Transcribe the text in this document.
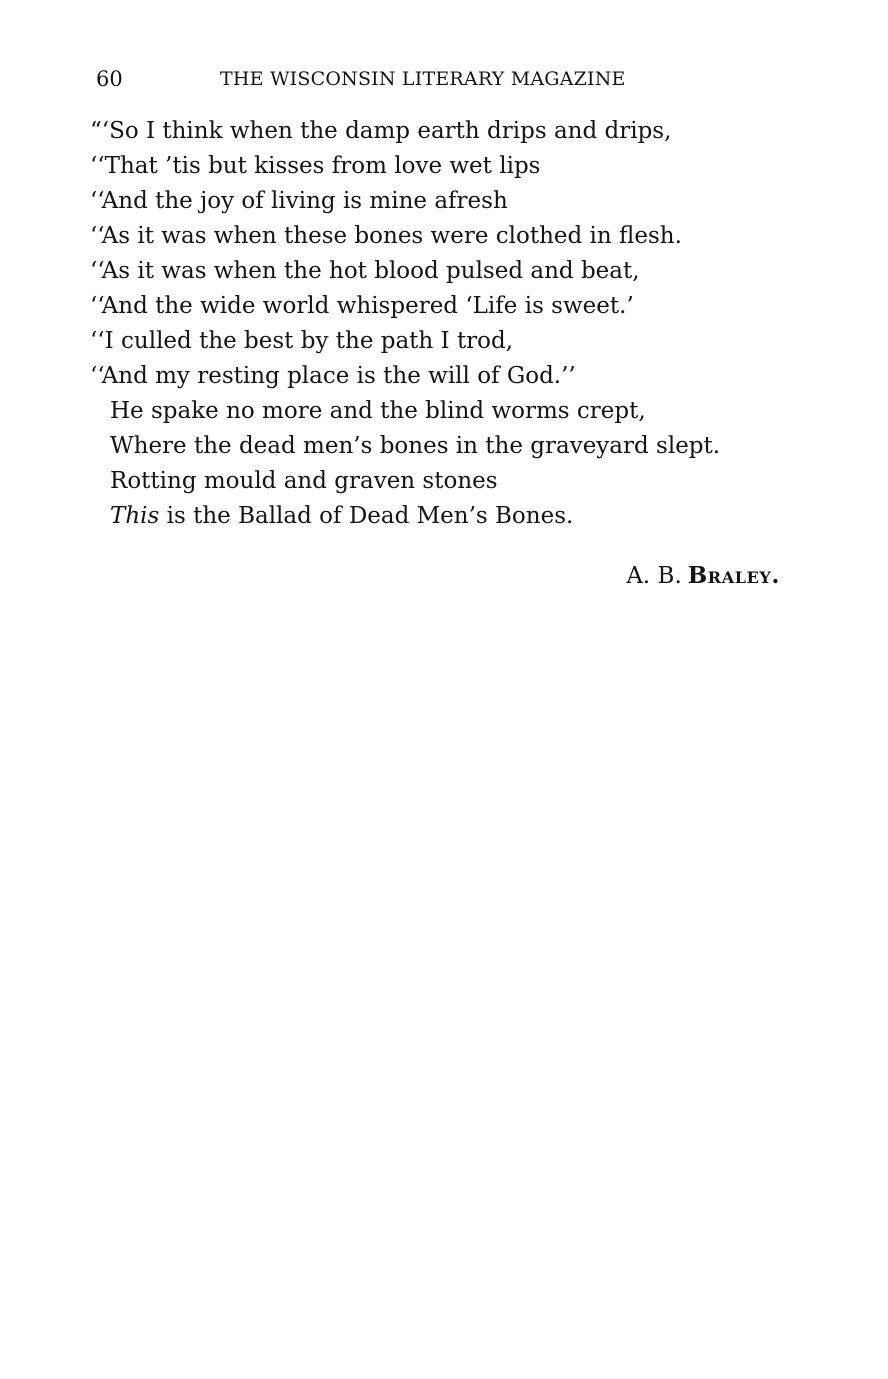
60	THE WISCONSIN LITERARY MAGAZINE

“‘So I think when the damp earth drips and drips,

‘‘That ’tis but kisses from love wet lips

‘‘And the joy of living is mine afresh

‘‘As it was when these bones were clothed in flesh.

‘‘As it was when the hot blood pulsed and beat,

‘‘And the wide world whispered ‘Life is sweet.’

‘‘I culled the best by the path I trod,

‘‘And my resting place is the will of God.’’

He spake no more and the blind worms crept,

Where the dead men’s bones in the graveyard slept.

Rotting mould and graven stones

This is the Ballad of Dead Men’s Bones.

A. B. Braley.
